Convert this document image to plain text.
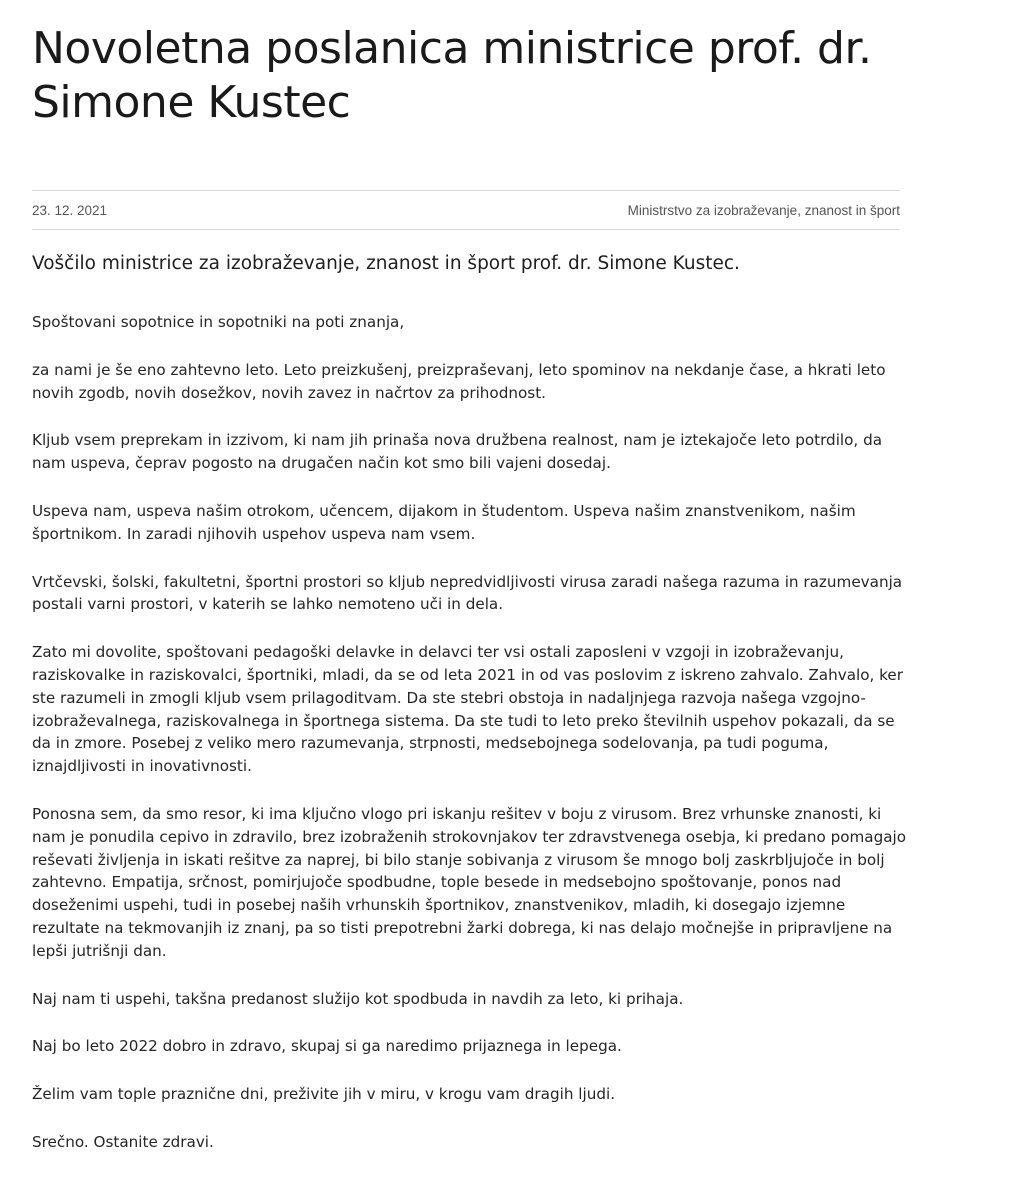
Novoletna poslanica ministrice prof. dr. Simone Kustec
23. 12. 2021	Ministrstvo za izobraževanje, znanost in šport

Voščilo ministrice za izobraževanje, znanost in šport prof. dr. Simone Kustec.

Spoštovani sopotnice in sopotniki na poti znanja,

za nami je še eno zahtevno leto. Leto preizkušenj, preizpraševanj, leto spominov na nekdanje čase, a hkrati leto novih zgodb, novih dosežkov, novih zavez in načrtov za prihodnost.

Kljub vsem preprekam in izzivom, ki nam jih prinaša nova družbena realnost, nam je iztekajoče leto potrdilo, da nam uspeva, čeprav pogosto na drugačen način kot smo bili vajeni dosedaj.

Uspeva nam, uspeva našim otrokom, učencem, dijakom in študentom. Uspeva našim znanstvenikom, našim športnikom. In zaradi njihovih uspehov uspeva nam vsem.

Vrtčevski, šolski, fakultetni, športni prostori so kljub nepredvidljivosti virusa zaradi našega razuma in razumevanja postali varni prostori, v katerih se lahko nemoteno uči in dela.

Zato mi dovolite, spoštovani pedagoški delavke in delavci ter vsi ostali zaposleni v vzgoji in izobraževanju, raziskovalke in raziskovalci, športniki, mladi, da se od leta 2021 in od vas poslovim z iskreno zahvalo. Zahvalo, ker ste razumeli in zmogli kljub vsem prilagoditvam. Da ste stebri obstoja in nadaljnjega razvoja našega vzgojno-izobraževalnega, raziskovalnega in športnega sistema. Da ste tudi to leto preko številnih uspehov pokazali, da se da in zmore. Posebej z veliko mero razumevanja, strpnosti, medsebojnega sodelovanja, pa tudi poguma, iznajdljivosti in inovativnosti.

Ponosna sem, da smo resor, ki ima ključno vlogo pri iskanju rešitev v boju z virusom. Brez vrhunske znanosti, ki nam je ponudila cepivo in zdravilo, brez izobraženih strokovnjakov ter zdravstvenega osebja, ki predano pomagajo reševati življenja in iskati rešitve za naprej, bi bilo stanje sobivanja z virusom še mnogo bolj zaskrbljujoče in bolj zahtevno. Empatija, srčnost, pomirjujoče spodbudne, tople besede in medsebojno spoštovanje, ponos nad doseženimi uspehi, tudi in posebej naših vrhunskih športnikov, znanstvenikov, mladih, ki dosegajo izjemne rezultate na tekmovanjih iz znanj, pa so tisti prepotrebni žarki dobrega, ki nas delajo močnejše in pripravljene na lepši jutrišnji dan.

Naj nam ti uspehi, takšna predanost služijo kot spodbuda in navdih za leto, ki prihaja.

Naj bo leto 2022 dobro in zdravo, skupaj si ga naredimo prijaznega in lepega.

Želim vam tople praznične dni, preživite jih v miru, v krogu vam dragih ljudi.

Srečno. Ostanite zdravi.
